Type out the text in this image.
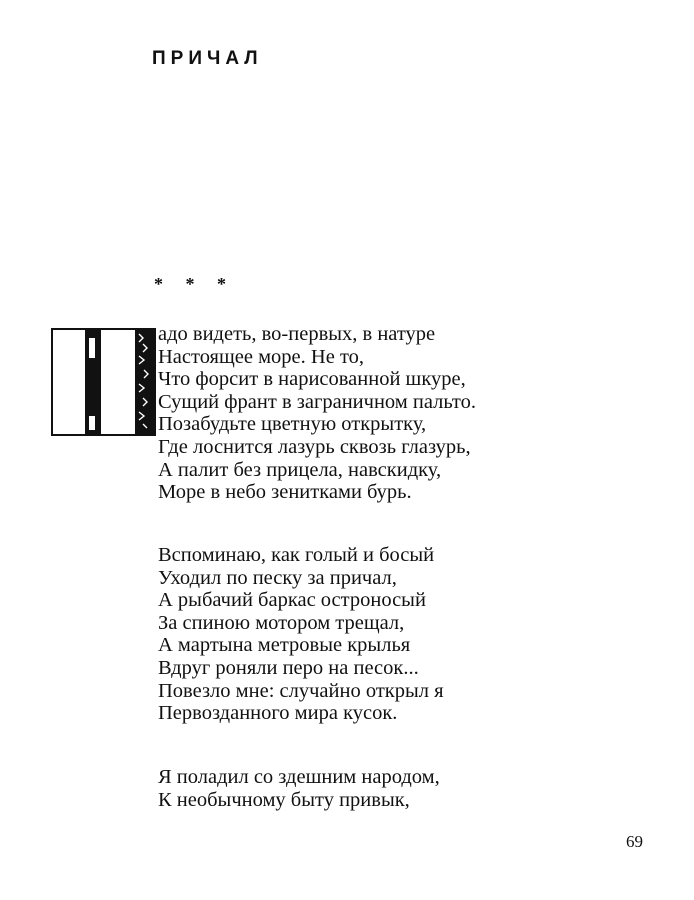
ПРИЧАЛ
* * *
адо видеть, во-первых, в натуре
Настоящее море. Не то,
Что форсит в нарисованной шкуре,
Сущий франт в заграничном пальто.
Позабудьте цветную открытку,
Где лоснится лазурь сквозь глазурь,
А палит без прицела, навскидку,
Море в небо зенитками бурь.
Вспоминаю, как голый и босый
Уходил по песку за причал,
А рыбачий баркас остроносый
За спиною мотором трещал,
А мартына метровые крылья
Вдруг роняли перо на песок...
Повезло мне: случайно открыл я
Первозданного мира кусок.
Я поладил со здешним народом,
К необычному быту привык,
69
